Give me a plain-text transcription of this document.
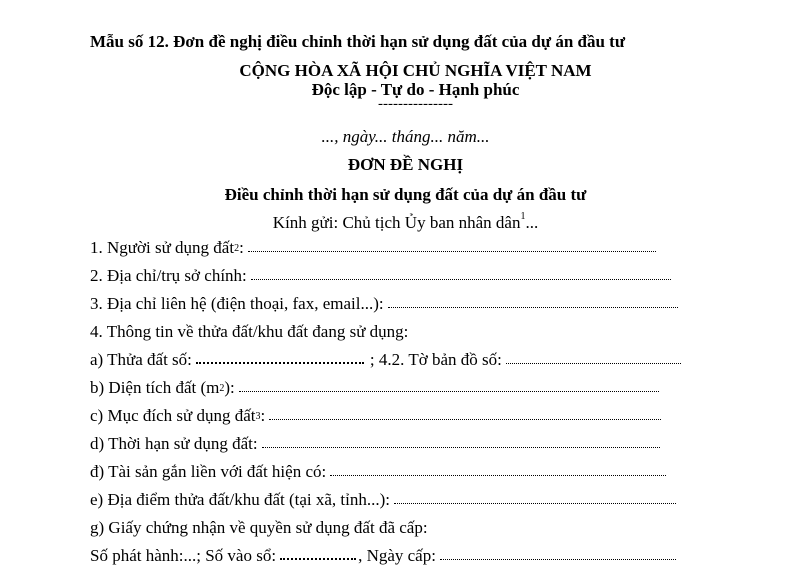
Mẫu số 12. Đơn đề nghị điều chỉnh thời hạn sử dụng đất của dự án đầu tư
CỘNG HÒA XÃ HỘI CHỦ NGHĨA VIỆT NAM
Độc lập - Tự do - Hạnh phúc
---------------
..., ngày... tháng... năm...
ĐƠN ĐỀ NGHỊ
Điều chỉnh thời hạn sử dụng đất của dự án đầu tư
Kính gửi: Chủ tịch Ủy ban nhân dân$^1$...
1. Người sử dụng đất$^2$ :
2. Địa chỉ/trụ sở chính:
3. Địa chỉ liên hệ (điện thoại, fax, email...):
4. Thông tin về thửa đất/khu đất đang sử dụng:
a) Thửa đất số:	; 4.2. Tờ bản đồ số:
b) Diện tích đất ($m^2$ ):
c) Mục đích sử dụng đất$^3$ :
d) Thời hạn sử dụng đất:
đ) Tài sản gắn liền với đất hiện có:
e) Địa điểm thửa đất/khu đất (tại xã, tỉnh...):
g) Giấy chứng nhận về quyền sử dụng đất đã cấp:
Số phát hành:...; Số vào sổ:	, Ngày cấp:
